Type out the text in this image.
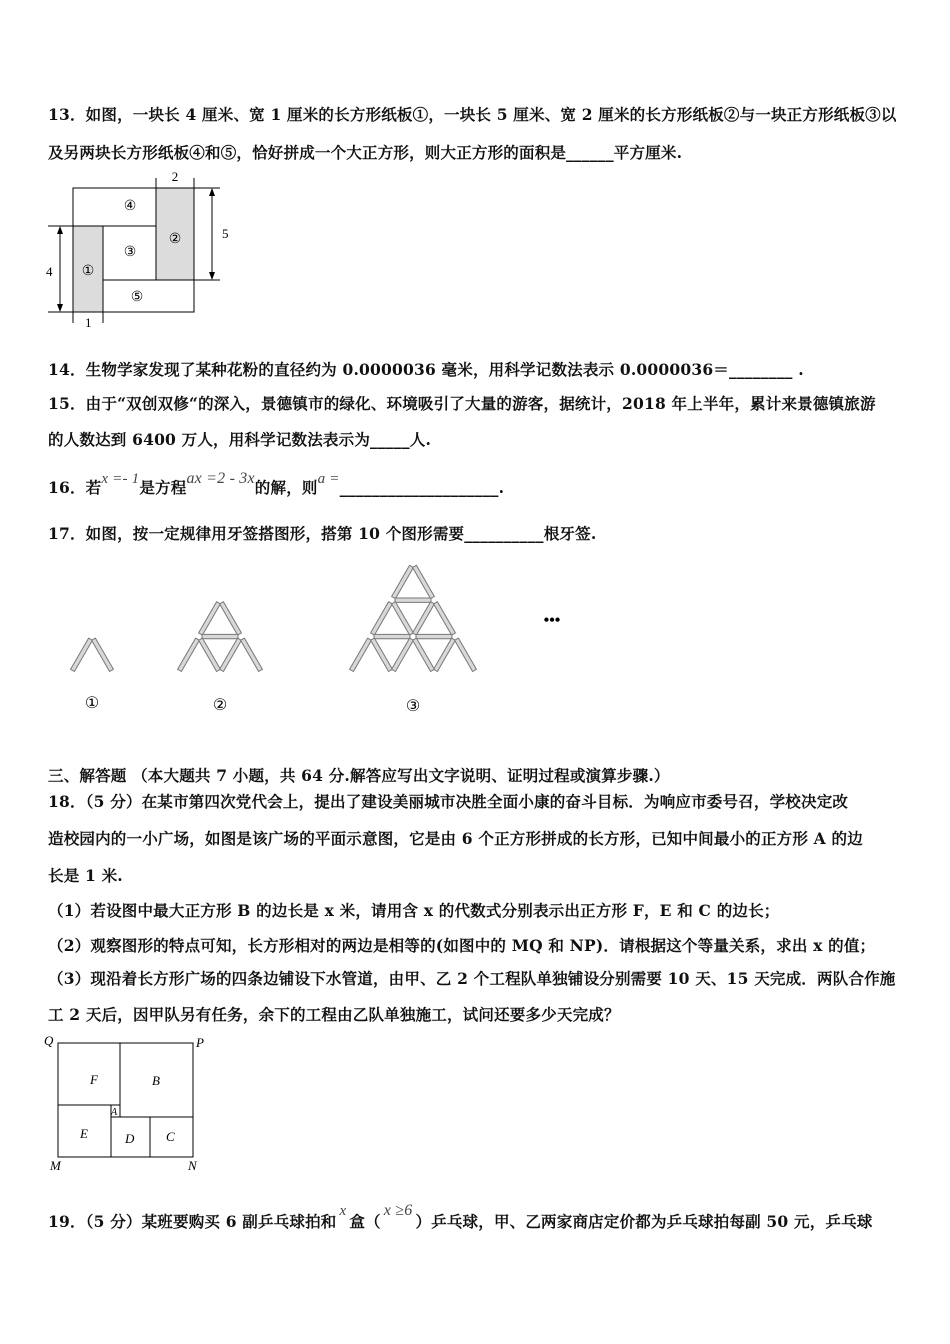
13．如图，一块长 4 厘米、宽 1 厘米的长方形纸板①，一块长 5 厘米、宽 2 厘米的长方形纸板②与一块正方形纸板③以
及另两块长方形纸板④和⑤，恰好拼成一个大正方形，则大正方形的面积是______平方厘米.
2
5
4
1
①
②
③
④
⑤
14．生物学家发现了某种花粉的直径约为 0.0000036 毫米，用科学记数法表示 0.0000036＝________ .
15．由于“双创双修“的深入，景德镇市的绿化、环境吸引了大量的游客，据统计，2018 年上半年，累计来景德镇旅游
的人数达到 6400 万人，用科学记数法表示为_____人.
16．若x =- 1是方程ax =2 - 3x的解，则a =____________________.
17．如图，按一定规律用牙签搭图形，搭第 10 个图形需要__________根牙签.
①	②	③
•••
三、解答题 （本大题共 7 小题，共 64 分.解答应写出文字说明、证明过程或演算步骤.）
18．（5 分）在某市第四次党代会上，提出了建设美丽城市决胜全面小康的奋斗目标．为响应市委号召，学校决定改
造校园内的一小广场，如图是该广场的平面示意图，它是由 6 个正方形拼成的长方形，已知中间最小的正方形 A 的边
长是 1 米.
（1）若设图中最大正方形 B 的边长是 x 米，请用含 x 的代数式分别表示出正方形 F，E 和 C 的边长；
（2）观察图形的特点可知，长方形相对的两边是相等的(如图中的 MQ 和 NP)．请根据这个等量关系，求出 x 的值；
（3）现沿着长方形广场的四条边铺设下水管道，由甲、乙 2 个工程队单独铺设分别需要 10 天、15 天完成．两队合作施
工 2 天后，因甲队另有任务，余下的工程由乙队单独施工，试问还要多少天完成？
Q	P
M	N
F	B
A
E	D C
19．（5 分）某班要购买 6 副乒乓球拍和x盒（x ≥6）乒乓球，甲、乙两家商店定价都为乒乓球拍每副 50 元，乒乓球
